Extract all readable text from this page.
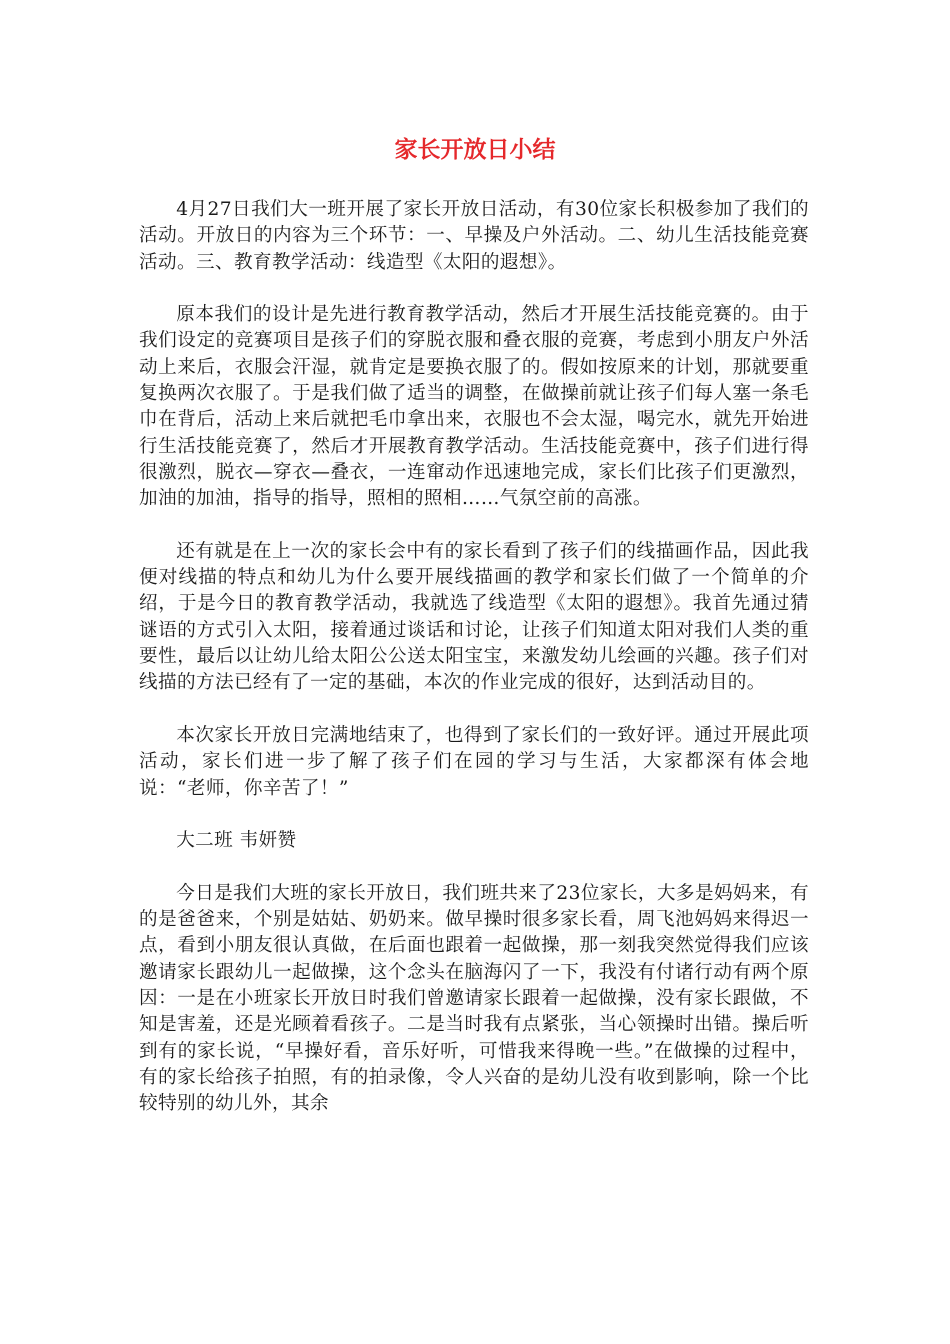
家长开放日小结

4月27日我们大一班开展了家长开放日活动，有30位家长积极参加了我们的活动。开放日的内容为三个环节：一、早操及户外活动。二、幼儿生活技能竞赛活动。三、教育教学活动：线造型《太阳的遐想》。

原本我们的设计是先进行教育教学活动，然后才开展生活技能竞赛的。由于我们设定的竞赛项目是孩子们的穿脱衣服和叠衣服的竞赛，考虑到小朋友户外活动上来后，衣服会汗湿，就肯定是要换衣服了的。假如按原来的计划，那就要重复换两次衣服了。于是我们做了适当的调整，在做操前就让孩子们每人塞一条毛巾在背后，活动上来后就把毛巾拿出来，衣服也不会太湿，喝完水，就先开始进行生活技能竞赛了，然后才开展教育教学活动。生活技能竞赛中，孩子们进行得很激烈，脱衣—穿衣—叠衣，一连窜动作迅速地完成，家长们比孩子们更激烈，加油的加油，指导的指导，照相的照相……气氛空前的高涨。

还有就是在上一次的家长会中有的家长看到了孩子们的线描画作品，因此我便对线描的特点和幼儿为什么要开展线描画的教学和家长们做了一个简单的介绍，于是今日的教育教学活动，我就选了线造型《太阳的遐想》。我首先通过猜谜语的方式引入太阳，接着通过谈话和讨论，让孩子们知道太阳对我们人类的重要性，最后以让幼儿给太阳公公送太阳宝宝，来激发幼儿绘画的兴趣。孩子们对线描的方法已经有了一定的基础，本次的作业完成的很好，达到活动目的。

本次家长开放日完满地结束了，也得到了家长们的一致好评。通过开展此项活动，家长们进一步了解了孩子们在园的学习与生活，大家都深有体会地说：“老师，你辛苦了！”

大二班 韦妍赞

今日是我们大班的家长开放日，我们班共来了23位家长，大多是妈妈来，有的是爸爸来，个别是姑姑、奶奶来。做早操时很多家长看，周飞池妈妈来得迟一点，看到小朋友很认真做，在后面也跟着一起做操，那一刻我突然觉得我们应该邀请家长跟幼儿一起做操，这个念头在脑海闪了一下，我没有付诸行动有两个原因：一是在小班家长开放日时我们曾邀请家长跟着一起做操，没有家长跟做，不知是害羞，还是光顾着看孩子。二是当时我有点紧张，当心领操时出错。操后听到有的家长说，“早操好看，音乐好听，可惜我来得晚一些。”在做操的过程中，有的家长给孩子拍照，有的拍录像，令人兴奋的是幼儿没有收到影响，除一个比较特别的幼儿外，其余
